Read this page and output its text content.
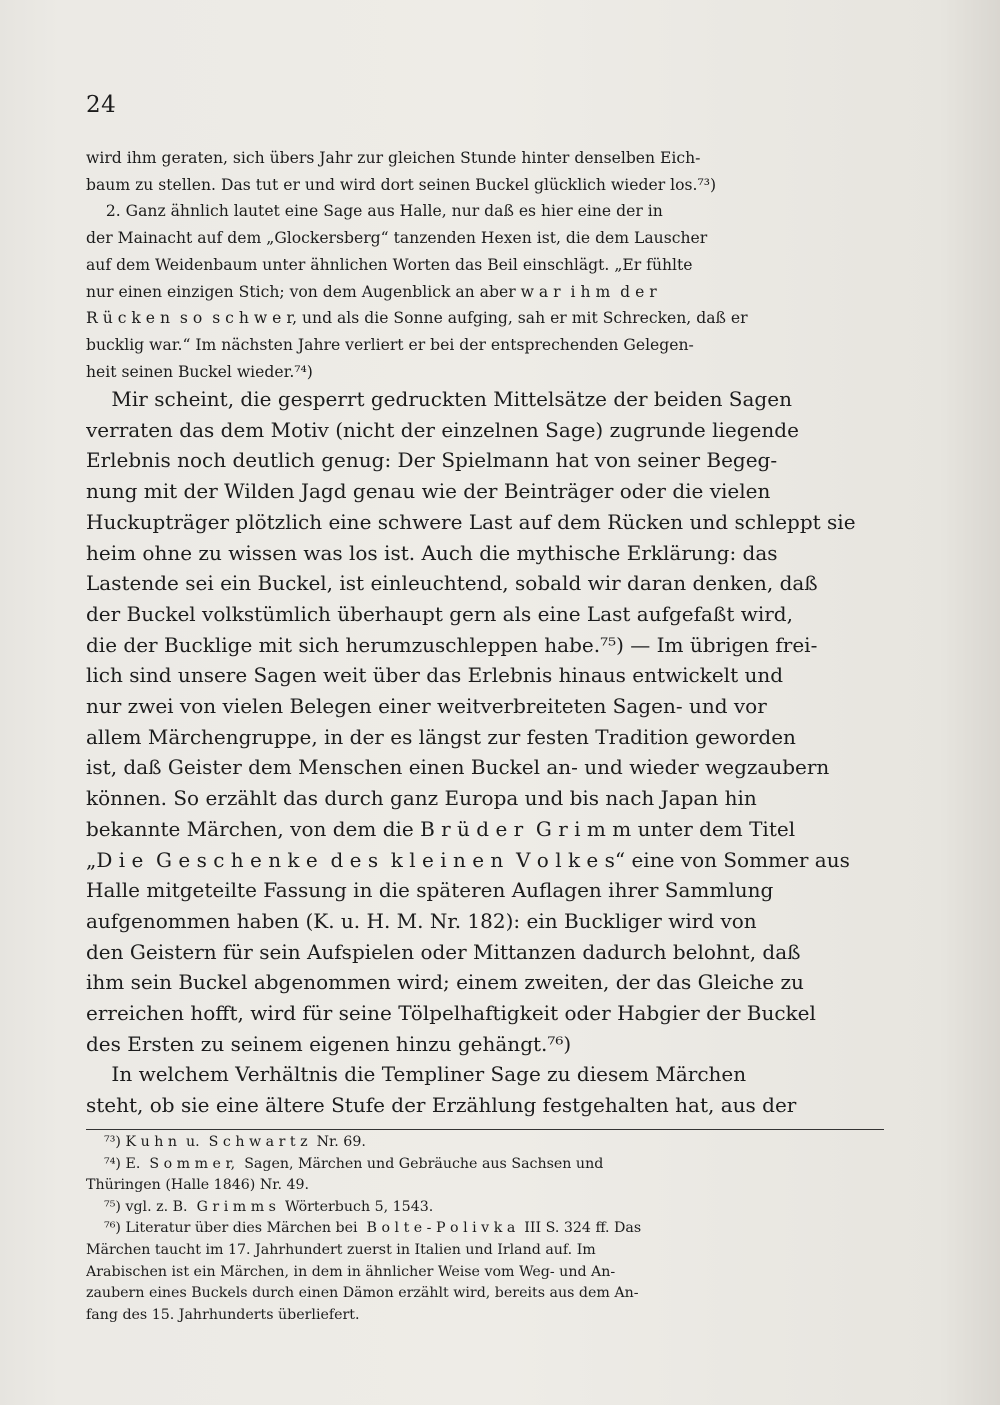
24
wird ihm geraten, sich übers Jahr zur gleichen Stunde hinter denselben Eich-
baum zu stellen. Das tut er und wird dort seinen Buckel glücklich wieder los.⁷³)
2. Ganz ähnlich lautet eine Sage aus Halle, nur daß es hier eine der in
der Mainacht auf dem „Glockersberg“ tanzenden Hexen ist, die dem Lauscher
auf dem Weidenbaum unter ähnlichen Worten das Beil einschlägt. „Er fühlte
nur einen einzigen Stich; von dem Augenblick an aber w a r  i h m  d e r
R ü c k e n  s o  s c h w e r, und als die Sonne aufging, sah er mit Schrecken, daß er
bucklig war.“ Im nächsten Jahre verliert er bei der entsprechenden Gelegen-
heit seinen Buckel wieder.⁷⁴)
Mir scheint, die gesperrt gedruckten Mittelsätze der beiden Sagen
verraten das dem Motiv (nicht der einzelnen Sage) zugrunde liegende
Erlebnis noch deutlich genug: Der Spielmann hat von seiner Begeg-
nung mit der Wilden Jagd genau wie der Beinträger oder die vielen
Huckupträger plötzlich eine schwere Last auf dem Rücken und schleppt sie
heim ohne zu wissen was los ist. Auch die mythische Erklärung: das
Lastende sei ein Buckel, ist einleuchtend, sobald wir daran denken, daß
der Buckel volkstümlich überhaupt gern als eine Last aufgefaßt wird,
die der Bucklige mit sich herumzuschleppen habe.⁷⁵) — Im übrigen frei-
lich sind unsere Sagen weit über das Erlebnis hinaus entwickelt und
nur zwei von vielen Belegen einer weitverbreiteten Sagen- und vor
allem Märchengruppe, in der es längst zur festen Tradition geworden
ist, daß Geister dem Menschen einen Buckel an- und wieder wegzaubern
können. So erzählt das durch ganz Europa und bis nach Japan hin
bekannte Märchen, von dem die B r ü d e r  G r i m m unter dem Titel
„D i e  G e s c h e n k e  d e s  k l e i n e n  V o l k e s“ eine von Sommer aus
Halle mitgeteilte Fassung in die späteren Auflagen ihrer Sammlung
aufgenommen haben (K. u. H. M. Nr. 182): ein Buckliger wird von
den Geistern für sein Aufspielen oder Mittanzen dadurch belohnt, daß
ihm sein Buckel abgenommen wird; einem zweiten, der das Gleiche zu
erreichen hofft, wird für seine Tölpelhaftigkeit oder Habgier der Buckel
des Ersten zu seinem eigenen hinzu gehängt.⁷⁶)
In welchem Verhältnis die Templiner Sage zu diesem Märchen
steht, ob sie eine ältere Stufe der Erzählung festgehalten hat, aus der
⁷³) K u h n  u.  S c h w a r t z  Nr. 69.
⁷⁴) E.  S o m m e r,  Sagen, Märchen und Gebräuche aus Sachsen und
Thüringen (Halle 1846) Nr. 49.
⁷⁵) vgl. z. B.  G r i m m s  Wörterbuch 5, 1543.
⁷⁶) Literatur über dies Märchen bei  B o l t e - P o l i v k a  III S. 324 ff. Das
Märchen taucht im 17. Jahrhundert zuerst in Italien und Irland auf. Im
Arabischen ist ein Märchen, in dem in ähnlicher Weise vom Weg- und An-
zaubern eines Buckels durch einen Dämon erzählt wird, bereits aus dem An-
fang des 15. Jahrhunderts überliefert.
